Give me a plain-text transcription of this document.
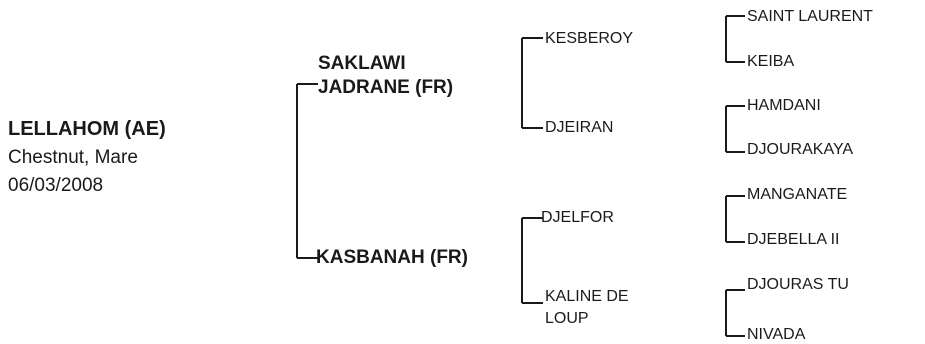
LELLAHOM (AE)
Chestnut, Mare
06/03/2008
SAKLAWI
JADRANE (FR)
KASBANAH (FR)
KESBEROY
DJEIRAN
DJELFOR
KALINE DE
LOUP
SAINT LAURENT
KEIBA
HAMDANI
DJOURAKAYA
MANGANATE
DJEBELLA II
DJOURAS TU
NIVADA
